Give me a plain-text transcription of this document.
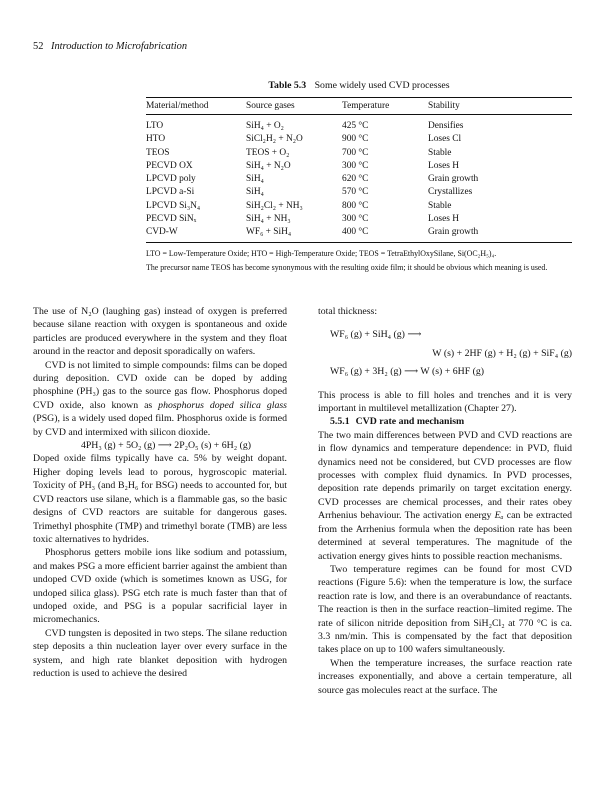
52 Introduction to Microfabrication
Table 5.3 Some widely used CVD processes
Material/method	Source gases	Temperature	Stability
LTO	SiH₄ + O₂	425 °C	Densifies
HTO	SiCl₂H₂ + N₂O	900 °C	Loses Cl
TEOS	TEOS + O₂	700 °C	Stable
PECVD OX	SiH₄ + N₂O	300 °C	Loses H
LPCVD poly	SiH₄	620 °C	Grain growth
LPCVD a-Si	SiH₄	570 °C	Crystallizes
LPCVD Si₃N₄	SiH₂Cl₂ + NH₃	800 °C	Stable
PECVD SiNₓ	SiH₄ + NH₃	300 °C	Loses H
CVD-W	WF₆ + SiH₄	400 °C	Grain growth

LTO = Low-Temperature Oxide; HTO = High-Temperature Oxide; TEOS = TetraEthylOxySilane, Si(OC₂H₅)₄.

The precursor name TEOS has become synonymous with the resulting oxide film; it should be obvious which meaning is used.

The use of N₂O (laughing gas) instead of oxygen is preferred because silane reaction with oxygen is spontaneous and oxide particles are produced everywhere in the system and they float around in the reactor and deposit sporadically on wafers.

CVD is not limited to simple compounds: films can be doped during deposition. CVD oxide can be doped by adding phosphine (PH₃) gas to the source gas flow. Phosphorus doped CVD oxide, also known as phosphorus doped silica glass (PSG), is a widely used doped film. Phosphorus oxide is formed by CVD and intermixed with silicon dioxide.

4PH₃ (g) + 5O₂ (g) ⟶ 2P₂O₅ (s) + 6H₂ (g)

Doped oxide films typically have ca. 5% by weight dopant. Higher doping levels lead to porous, hygroscopic material. Toxicity of PH₃ (and B₂H₆ for BSG) needs to accounted for, but CVD reactors use silane, which is a flammable gas, so the basic designs of CVD reactors are suitable for dangerous gases. Trimethyl phosphite (TMP) and trimethyl borate (TMB) are less toxic alternatives to hydrides.

Phosphorus getters mobile ions like sodium and potassium, and makes PSG a more efficient barrier against the ambient than undoped CVD oxide (which is sometimes known as USG, for undoped silica glass). PSG etch rate is much faster than that of undoped oxide, and PSG is a popular sacrificial layer in micromechanics.

CVD tungsten is deposited in two steps. The silane reduction step deposits a thin nucleation layer over every surface in the system, and high rate blanket deposition with hydrogen reduction is used to achieve the desired

total thickness:

WF₆ (g) + SiH₄ (g) ⟶

W (s) + 2HF (g) + H₂ (g) + SiF₄ (g)

WF₆ (g) + 3H₂ (g) ⟶ W (s) + 6HF (g)

This process is able to fill holes and trenches and it is very important in multilevel metallization (Chapter 27).

5.5.1 CVD rate and mechanism

The two main differences between PVD and CVD reactions are in flow dynamics and temperature dependence: in PVD, fluid dynamics need not be considered, but CVD processes are flow processes with complex fluid dynamics. In PVD processes, deposition rate depends primarily on target excitation energy. CVD processes are chemical processes, and their rates obey Arrhenius behaviour. The activation energy Eₐ can be extracted from the Arrhenius formula when the deposition rate has been determined at several temperatures. The magnitude of the activation energy gives hints to possible reaction mechanisms.

Two temperature regimes can be found for most CVD reactions (Figure 5.6): when the temperature is low, the surface reaction rate is low, and there is an overabundance of reactants. The reaction is then in the surface reaction–limited regime. The rate of silicon nitride deposition from SiH₂Cl₂ at 770 °C is ca. 3.3 nm/min. This is compensated by the fact that deposition takes place on up to 100 wafers simultaneously.

When the temperature increases, the surface reaction rate increases exponentially, and above a certain temperature, all source gas molecules react at the surface. The
